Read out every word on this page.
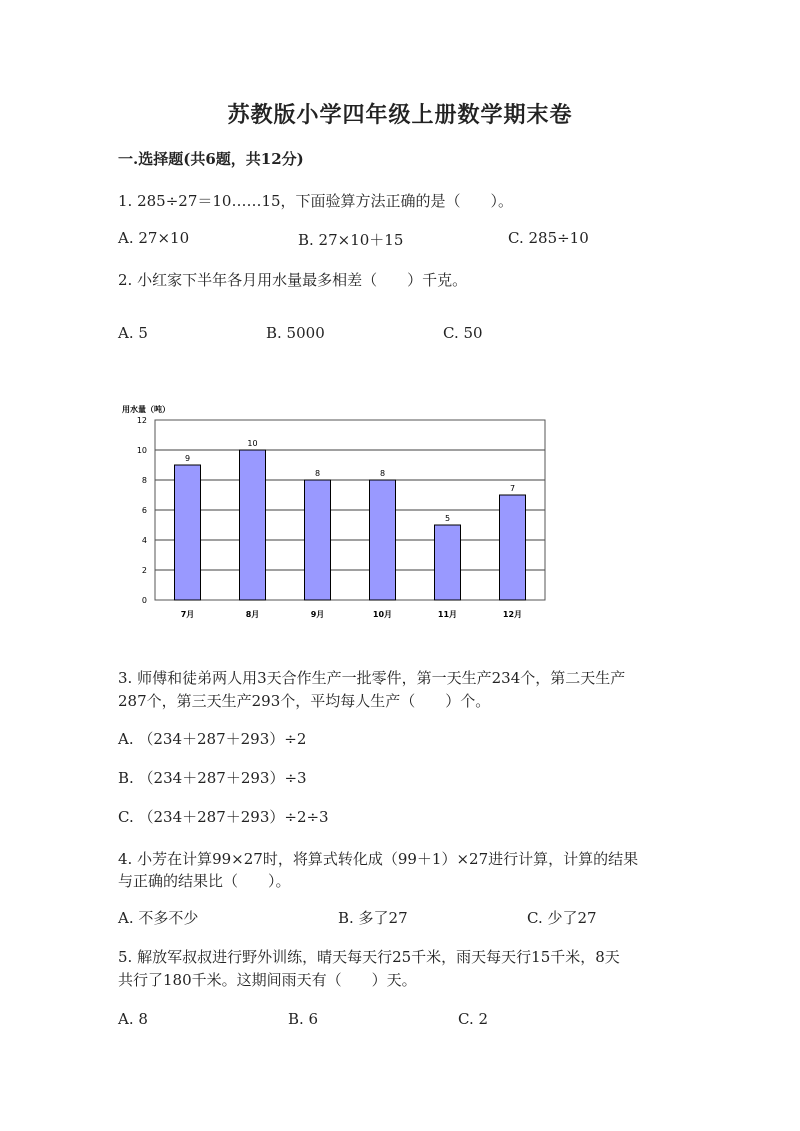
苏教版小学四年级上册数学期末卷
一.选择题(共6题，共12分)
1. 285÷27＝10……15，下面验算方法正确的是（　　）。
A. 27×10	B. 27×10＋15	C. 285÷10
2. 小红家下半年各月用水量最多相差（　　）千克。
A. 5	B. 5000	C. 50
用水量（吨）
0
2
4
6
8
10
12
9
7月
10
8月
8
9月
8
10月
5
11月
7
12月
3. 师傅和徒弟两人用3天合作生产一批零件，第一天生产234个，第二天生产
287个，第三天生产293个，平均每人生产（　　）个。
A. （234＋287＋293）÷2
B. （234＋287＋293）÷3
C. （234＋287＋293）÷2÷3
4. 小芳在计算99×27时，将算式转化成（99＋1）×27进行计算，计算的结果
与正确的结果比（　　）。
A. 不多不少	B. 多了27	C. 少了27
5. 解放军叔叔进行野外训练，晴天每天行25千米，雨天每天行15千米，8天
共行了180千米。这期间雨天有（　　）天。
A. 8	B. 6	C. 2
